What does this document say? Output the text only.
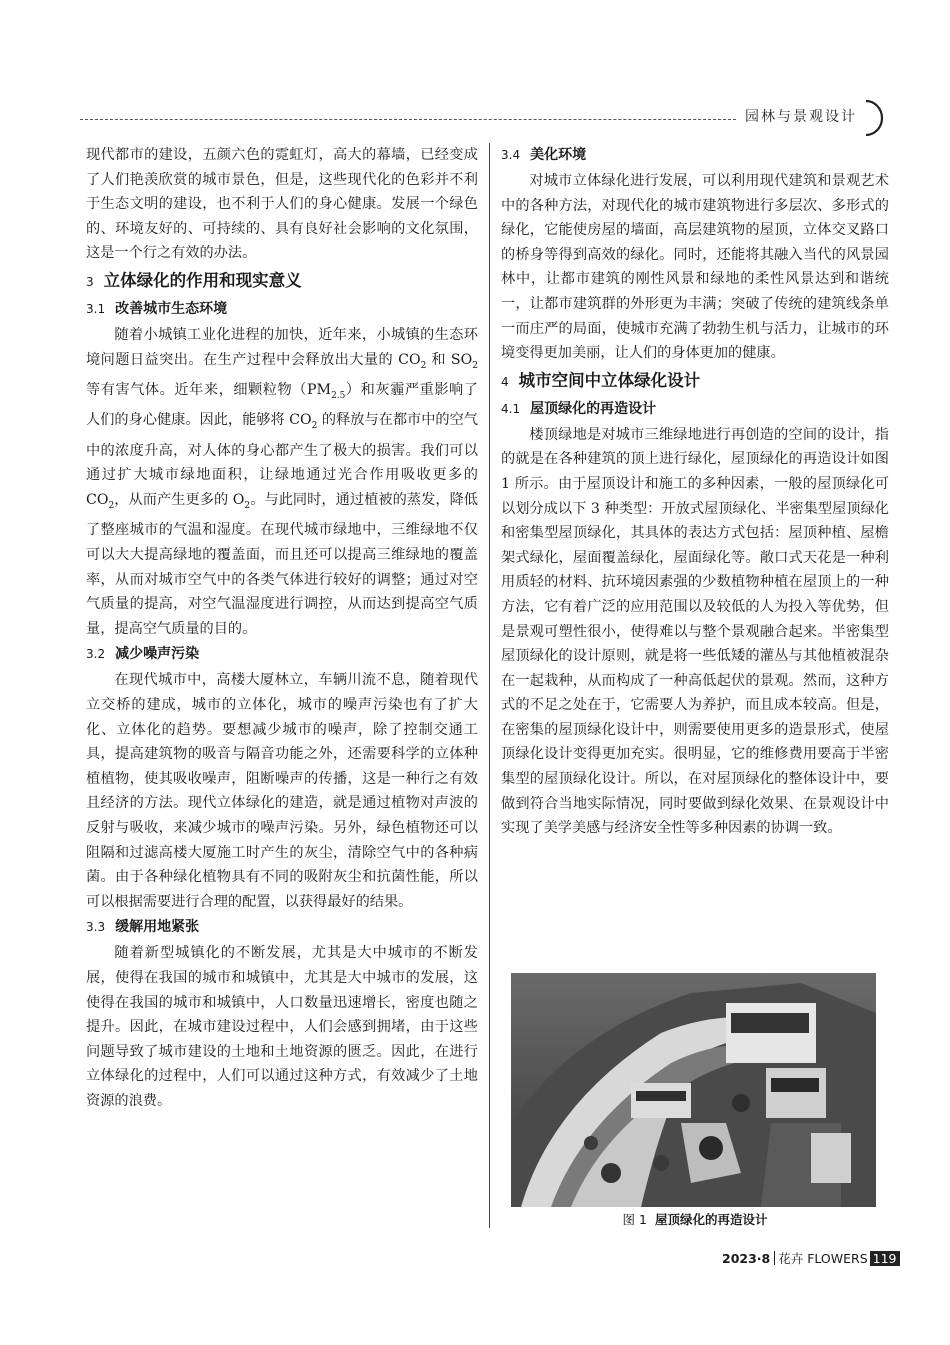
园林与景观设计

现代都市的建设，五颜六色的霓虹灯，高大的幕墙，已经变成了人们艳羡欣赏的城市景色，但是，这些现代化的色彩并不利于生态文明的建设，也不利于人们的身心健康。发展一个绿色的、环境友好的、可持续的、具有良好社会影响的文化氛围，这是一个行之有效的办法。

3 立体绿化的作用和现实意义
3.1 改善城市生态环境

随着小城镇工业化进程的加快，近年来，小城镇的生态环境问题日益突出。在生产过程中会释放出大量的 $CO_2$ 和 $SO_2$ 等有害气体。近年来，细颗粒物$(PM_{2.5})$和灰霾严重影响了人们的身心健康。因此，能够将 $CO_2$ 的释放与在都市中的空气中的浓度升高，对人体的身心都产生了极大的损害。我们可以通过扩大城市绿地面积，让绿地通过光合作用吸收更多的 $CO_2$，从而产生更多的 $O_2$。与此同时，通过植被的蒸发，降低了整座城市的气温和湿度。在现代城市绿地中，三维绿地不仅可以大大提高绿地的覆盖面，而且还可以提高三维绿地的覆盖率，从而对城市空气中的各类气体进行较好的调整；通过对空气质量的提高，对空气温湿度进行调控，从而达到提高空气质量，提高空气质量的目的。

3.2 减少噪声污染

在现代城市中，高楼大厦林立，车辆川流不息，随着现代立交桥的建成，城市的立体化，城市的噪声污染也有了扩大化、立体化的趋势。要想减少城市的噪声，除了控制交通工具，提高建筑物的吸音与隔音功能之外，还需要科学的立体种植植物，使其吸收噪声，阻断噪声的传播，这是一种行之有效且经济的方法。现代立体绿化的建造，就是通过植物对声波的反射与吸收，来减少城市的噪声污染。另外，绿色植物还可以阻隔和过滤高楼大厦施工时产生的灰尘，清除空气中的各种病菌。由于各种绿化植物具有不同的吸附灰尘和抗菌性能，所以可以根据需要进行合理的配置，以获得最好的结果。

3.3 缓解用地紧张

随着新型城镇化的不断发展，尤其是大中城市的不断发展，使得在我国的城市和城镇中，尤其是大中城市的发展，这使得在我国的城市和城镇中，人口数量迅速增长，密度也随之提升。因此，在城市建设过程中，人们会感到拥堵，由于这些问题导致了城市建设的土地和土地资源的匮乏。因此，在进行立体绿化的过程中，人们可以通过这种方式，有效减少了土地资源的浪费。

3.4 美化环境

对城市立体绿化进行发展，可以利用现代建筑和景观艺术中的各种方法，对现代化的城市建筑物进行多层次、多形式的绿化，它能使房屋的墙面，高层建筑物的屋顶，立体交叉路口的桥身等得到高效的绿化。同时，还能将其融入当代的风景园林中，让都市建筑的刚性风景和绿地的柔性风景达到和谐统一，让都市建筑群的外形更为丰满；突破了传统的建筑线条单一而庄严的局面，使城市充满了勃勃生机与活力，让城市的环境变得更加美丽，让人们的身体更加的健康。

4 城市空间中立体绿化设计
4.1 屋顶绿化的再造设计

楼顶绿地是对城市三维绿地进行再创造的空间的设计，指的就是在各种建筑的顶上进行绿化，屋顶绿化的再造设计如图 1 所示。由于屋顶设计和施工的多种因素，一般的屋顶绿化可以划分成以下 3 种类型：开放式屋顶绿化、半密集型屋顶绿化和密集型屋顶绿化，其具体的表达方式包括：屋顶种植、屋檐架式绿化，屋面覆盖绿化，屋面绿化等。敞口式天花是一种利用质轻的材料、抗环境因素强的少数植物种植在屋顶上的一种方法，它有着广泛的应用范围以及较低的人为投入等优势，但是景观可塑性很小，使得难以与整个景观融合起来。半密集型屋顶绿化的设计原则，就是将一些低矮的灌丛与其他植被混杂在一起栽种，从而构成了一种高低起伏的景观。然而，这种方式的不足之处在于，它需要人为养护，而且成本较高。但是，在密集的屋顶绿化设计中，则需要使用更多的造景形式，使屋顶绿化设计变得更加充实。很明显，它的维修费用要高于半密集型的屋顶绿化设计。所以，在对屋顶绿化的整体设计中，要做到符合当地实际情况，同时要做到绿化效果、在景观设计中实现了美学美感与经济安全性等多种因素的协调一致。

图 1 屋顶绿化的再造设计
2023·8 花卉 FLOWERS 119
